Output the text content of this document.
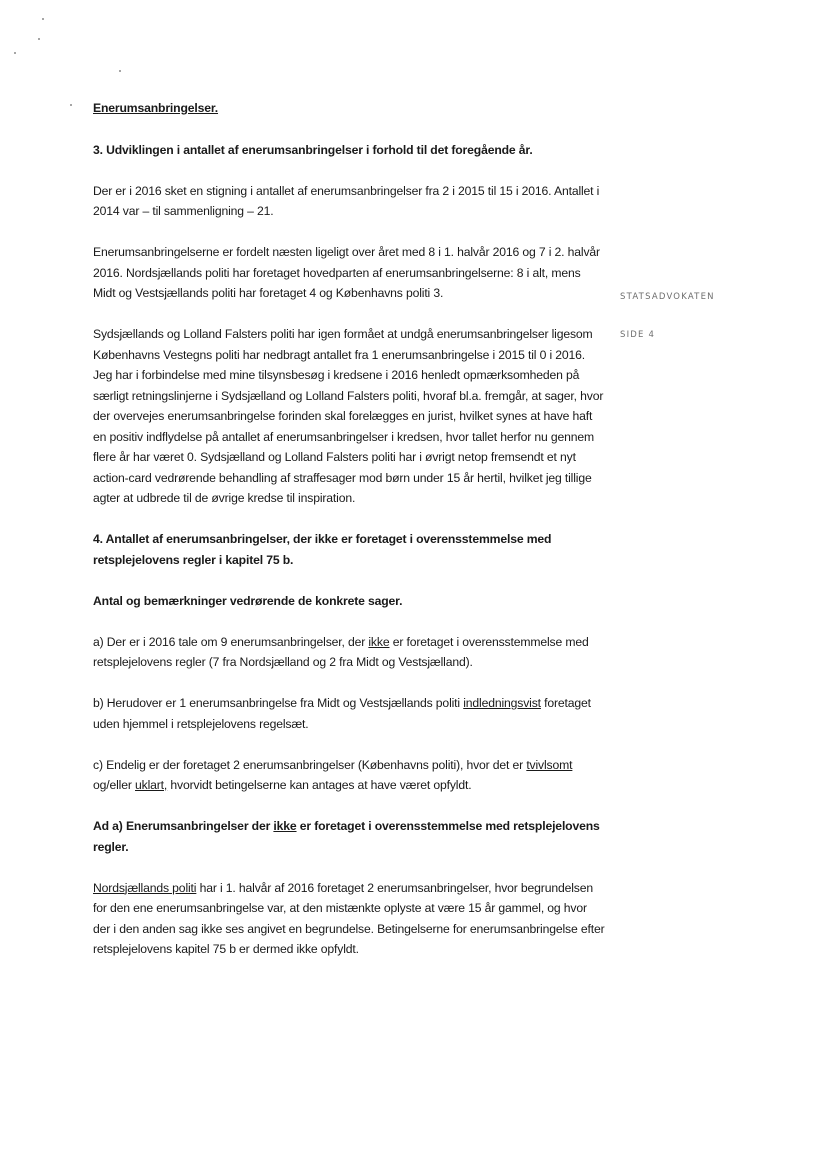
STATSADVOKATEN
SIDE 4

Enerumsanbringelser.

3. Udviklingen i antallet af enerumsanbringelser i forhold til det foregående år.

Der er i 2016 sket en stigning i antallet af enerumsanbringelser fra 2 i 2015 til 15 i 2016. Antallet i 2014 var – til sammenligning – 21.

Enerumsanbringelserne er fordelt næsten ligeligt over året med 8 i 1. halvår 2016 og 7 i 2. halvår 2016. Nordsjællands politi har foretaget hovedparten af enerumsanbringelserne: 8 i alt, mens Midt og Vestsjællands politi har foretaget 4 og Københavns politi 3.

Sydsjællands og Lolland Falsters politi har igen formået at undgå enerumsanbringelser ligesom Københavns Vestegns politi har nedbragt antallet fra 1 enerumsanbringelse i 2015 til 0 i 2016. Jeg har i forbindelse med mine tilsynsbesøg i kredsene i 2016 henledt opmærksomheden på særligt retningslinjerne i Sydsjælland og Lolland Falsters politi, hvoraf bl.a. fremgår, at sager, hvor der overvejes enerumsanbringelse forinden skal forelægges en jurist, hvilket synes at have haft en positiv indflydelse på antallet af enerumsanbringelser i kredsen, hvor tallet herfor nu gennem flere år har været 0. Sydsjælland og Lolland Falsters politi har i øvrigt netop fremsendt et nyt action-card vedrørende behandling af straffesager mod børn under 15 år hertil, hvilket jeg tillige agter at udbrede til de øvrige kredse til inspiration.

4. Antallet af enerumsanbringelser, der ikke er foretaget i overensstemmelse med retsplejelovens regler i kapitel 75 b.

Antal og bemærkninger vedrørende de konkrete sager.

a) Der er i 2016 tale om 9 enerumsanbringelser, der ikke er foretaget i overensstemmelse med retsplejelovens regler (7 fra Nordsjælland og 2 fra Midt og Vestsjælland).

b) Herudover er 1 enerumsanbringelse fra Midt og Vestsjællands politi indledningsvist foretaget uden hjemmel i retsplejelovens regelsæt.

c) Endelig er der foretaget 2 enerumsanbringelser (Københavns politi), hvor det er tvivlsomt og/eller uklart, hvorvidt betingelserne kan antages at have været opfyldt.

Ad a) Enerumsanbringelser der ikke er foretaget i overensstemmelse med retsplejelovens regler.

Nordsjællands politi har i 1. halvår af 2016 foretaget 2 enerumsanbringelser, hvor begrundelsen for den ene enerumsanbringelse var, at den mistænkte oplyste at være 15 år gammel, og hvor der i den anden sag ikke ses angivet en begrundelse. Betingelserne for enerumsanbringelse efter retsplejelovens kapitel 75 b er dermed ikke opfyldt.
